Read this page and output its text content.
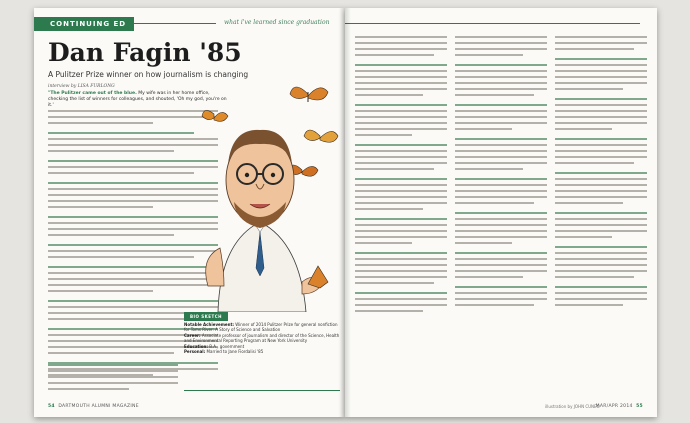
CONTINUING ED
Dan Fagin '85
A Pulitzer Prize winner on how journalism is changing
interview by LISA FURLONG
"The Pulitzer came out of the blue. My wife was in her home office, checking the list of winners for colleagues, and shouted, 'Oh my god, you're on it.'
BIO SKETCH
Notable Achievement: Winner of 2014 Pulitzer Prize for general nonfiction for Toms River: A Story of Science and Salvation
Career: Associate professor of journalism and director of the Science, Health and Environmental Reporting Program at New York University
Education: B.A., government
Personal: Married to Jane Fiordalisi '85
54 DARTMOUTH ALUMNI MAGAZINE	illustration by JOHN CUNEO
MAR/APR 2014 55
what i've learned since graduation
